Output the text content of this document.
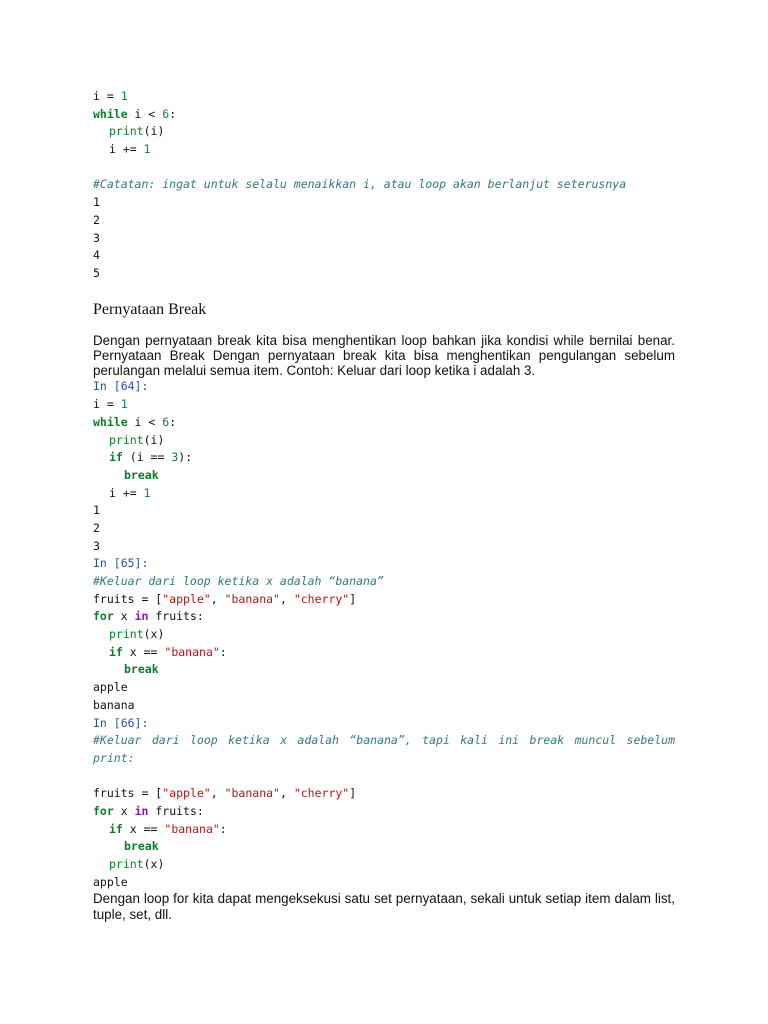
i = 1
while i < 6:
print(i)
i += 1
#Catatan: ingat untuk selalu menaikkan i, atau loop akan berlanjut seterusnya
1
2
3
4
5
Pernyataan Break
Dengan pernyataan break kita bisa menghentikan loop bahkan jika kondisi while bernilai benar. Pernyataan Break Dengan pernyataan break kita bisa menghentikan pengulangan sebelum perulangan melalui semua item. Contoh: Keluar dari loop ketika i adalah 3.
In [64]:
i = 1
while i < 6:
print(i)
if (i == 3):
break
i += 1
1
2
3
In [65]:
#Keluar dari loop ketika x adalah “banana”
fruits = ["apple", "banana", "cherry"]
for x in fruits:
print(x)
if x == "banana":
break
apple
banana
In [66]:
#Keluar dari loop ketika x adalah “banana”, tapi kali ini break muncul sebelum print:
fruits = ["apple", "banana", "cherry"]
for x in fruits:
if x == "banana":
break
print(x)
apple
Dengan loop for kita dapat mengeksekusi satu set pernyataan, sekali untuk setiap item dalam list, tuple, set, dll.
